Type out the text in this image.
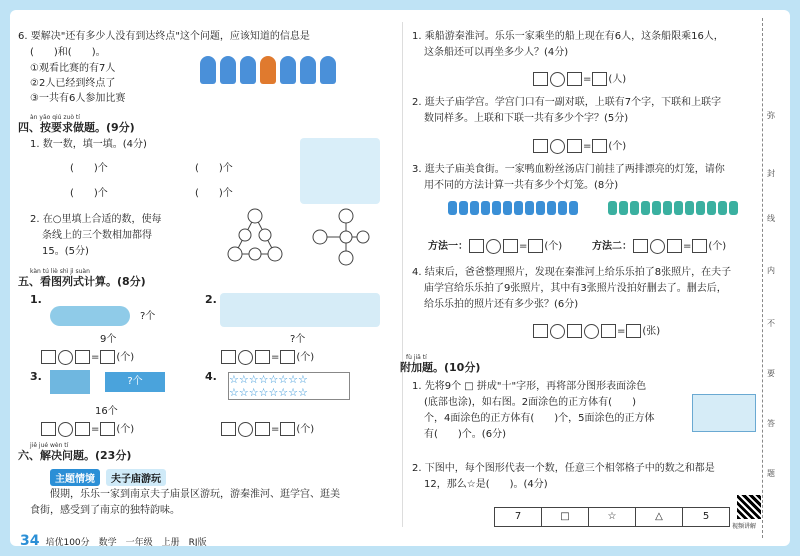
6. 要解决"还有多少人没有到达终点"这个问题，应该知道的信息是
(　　)和(　　)。
①观看比赛的有7人
②2人已经到终点了
③一共有6人参加比赛
àn yāo qiú zuò tí
四、按要求做题。(9分)
1. 数一数，填一填。(4分)
(　　)个	(　　)个
(　　)个	(　　)个
2. 在○里填上合适的数，使每
条线上的三个数相加都得
15。(5分)
kàn tú liè shì jì suàn
五、看图列式计算。(8分)
1.
?个
9个
= (个)
2.
?个
= (个)
3.	?个
16个
= (个)
4. ☆☆☆☆☆☆☆☆
☆☆☆☆☆☆☆☆
= (个)
jiě jué wèn tí
六、解决问题。(23分)
主题情境	夫子庙游玩
假期，乐乐一家到南京夫子庙景区游玩，游秦淮河、逛学宫、逛美
食街，感受到了南京的独特韵味。
1. 乘船游秦淮河。乐乐一家乘坐的船上现在有6人，这条船限乘16人，
这条船还可以再坐多少人？(4分)
= (人)
2. 逛夫子庙学宫。学宫门口有一副对联，上联有7个字，下联和上联字
数同样多。上联和下联一共有多少个字？(5分)
= (个)
3. 逛夫子庙美食街。一家鸭血粉丝汤店门前挂了两排漂亮的灯笼，请你
用不同的方法计算一共有多少个灯笼。(8分)

方法一：	= (个)	方法二：	= (个)
4. 结束后，爸爸整理照片，发现在秦淮河上给乐乐拍了8张照片，在夫子
庙学宫给乐乐拍了9张照片，其中有3张照片没拍好删去了。删去后，
给乐乐拍的照片还有多少张？(6分)
= (张)
fù jiā tí
附加题。(10分)
1. 先将9个 □ 拼成"十"字形，再将部分图形表面涂色
(底部也涂)，如右图。2面涂色的正方体有(　　)
个，4面涂色的正方体有(　　)个，5面涂色的正方体
有(　　)个。(6分)
2. 下图中，每个图形代表一个数，任意三个相邻格子中的数之和都是
12，那么☆是(　　)。(4分)
7	□	☆	△	5
视频讲解
弥
封
线
内
不
要
答
题
34 培优100分　数学　一年级　上册　RJ版
